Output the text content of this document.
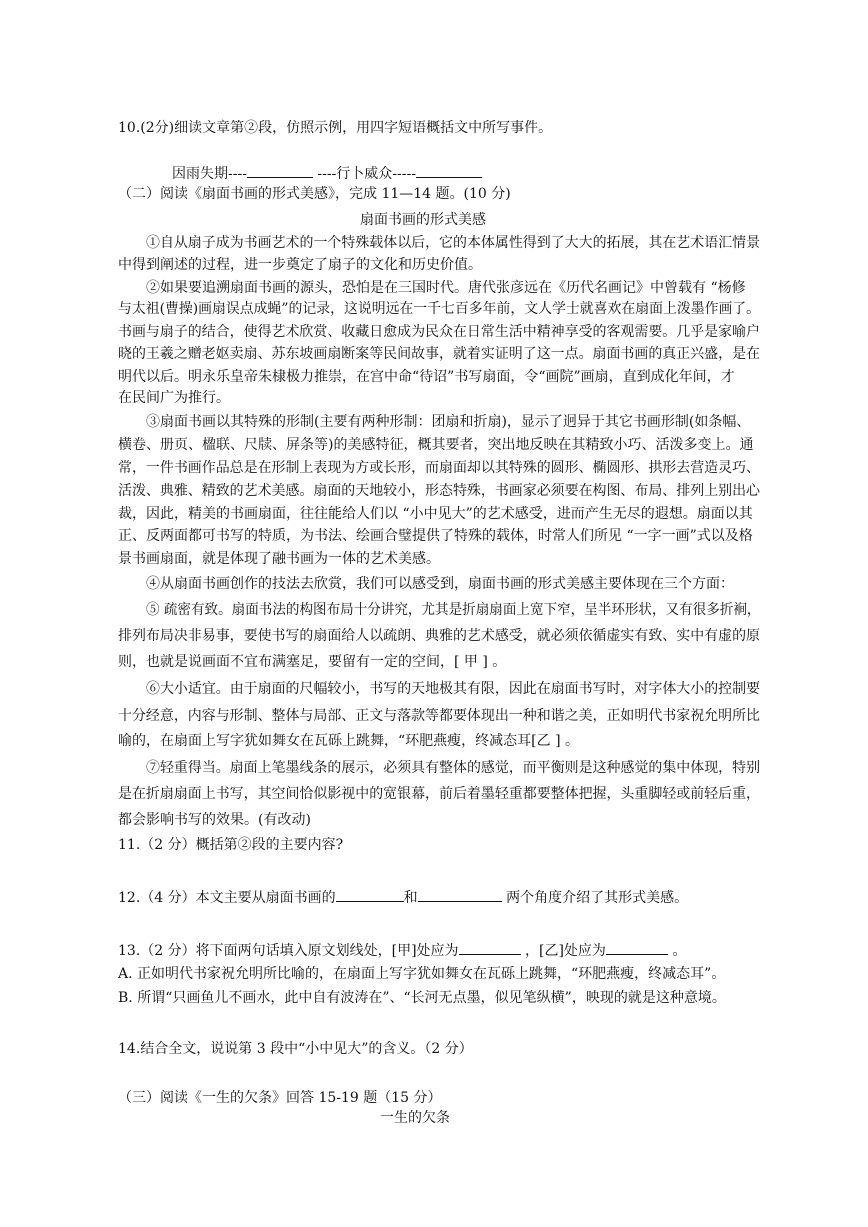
10.(2分)细读文章第②段，仿照示例，用四字短语概括文中所写事件。
因雨失期----	----行卜威众-----
（二）阅读《扇面书画的形式美感》，完成 11—14 题。(10 分)
扇面书画的形式美感
①自从扇子成为书画艺术的一个特殊载体以后，它的本体属性得到了大大的拓展，其在艺术语汇情景
中得到阐述的过程，进一步奠定了扇子的文化和历史价值。
②如果要追溯扇面书画的源头，恐怕是在三国时代。唐代张彦远在《历代名画记》中曾载有 “杨修
与太祖(曹操)画扇误点成蝇”的记录，这说明远在一千七百多年前，文人学士就喜欢在扇面上泼墨作画了。
书画与扇子的结合，使得艺术欣赏、收藏日愈成为民众在日常生活中精神享受的客观需要。几乎是家喻户
晓的王羲之赠老妪卖扇、苏东坡画扇断案等民间故事，就着实证明了这一点。扇面书画的真正兴盛，是在
明代以后。明永乐皇帝朱棣极力推崇，在宫中命“待诏”书写扇面，令“画院”画扇，直到成化年间，才
在民间广为推行。
③扇面书画以其特殊的形制(主要有两种形制：团扇和折扇)，显示了迥异于其它书画形制(如条幅、
横卷、册页、楹联、尺牍、屏条等)的美感特征，概其要者，突出地反映在其精致小巧、活泼多变上。通
常，一件书画作品总是在形制上表现为方或长形，而扇面却以其特殊的圆形、椭圆形、拱形去营造灵巧、
活泼、典雅、精致的艺术美感。扇面的天地较小，形态特殊，书画家必须要在构图、布局、排列上别出心
裁，因此，精美的书画扇面，往往能给人们以 “小中见大”的艺术感受，进而产生无尽的遐想。扇面以其
正、反两面都可书写的特质，为书法、绘画合璧提供了特殊的载体，时常人们所见 “一字一画”式以及格
景书画扇面，就是体现了融书画为一体的艺术美感。
④从扇面书画创作的技法去欣赏，我们可以感受到，扇面书画的形式美感主要体现在三个方面：
⑤ 疏密有致。扇面书法的构图布局十分讲究，尤其是折扇扇面上宽下窄，呈半环形状，又有很多折裥，
排列布局决非易事，要使书写的扇面给人以疏朗、典雅的艺术感受，就必须依循虚实有致、实中有虚的原
则，也就是说画面不宜布满塞足，要留有一定的空间，[ 甲 ] 。
⑥大小适宜。由于扇面的尺幅较小，书写的天地极其有限，因此在扇面书写时，对字体大小的控制要
十分经意，内容与形制、整体与局部、正文与落款等都要体现出一种和谐之美，正如明代书家祝允明所比
喻的，在扇面上写字犹如舞女在瓦砾上跳舞，“环肥燕瘦，终减态耳[乙 ] 。
⑦轻重得当。扇面上笔墨线条的展示，必须具有整体的感觉，而平衡则是这种感觉的集中体现，特别
是在折扇扇面上书写，其空间恰似影视中的宽银幕，前后着墨轻重都要整体把握，头重脚轻或前轻后重，
都会影响书写的效果。(有改动)
11.（2 分）概括第②段的主要内容?
12.（4 分）本文主要从扇面书画的	和	两个角度介绍了其形式美感。
13.（2 分）将下面两句话填入原文划线处，[甲]处应为	，[乙]处应为	。
A. 正如明代书家祝允明所比喻的，在扇面上写字犹如舞女在瓦砾上跳舞，“环肥燕瘦，终减态耳”。
B. 所谓“只画鱼儿不画水，此中自有波涛在”、“长河无点墨，似见笔纵横”，映现的就是这种意境。
14.结合全文，说说第 3 段中“小中见大”的含义。（2 分）
（三）阅读《一生的欠条》回答 15-19 题（15 分）
一生的欠条
